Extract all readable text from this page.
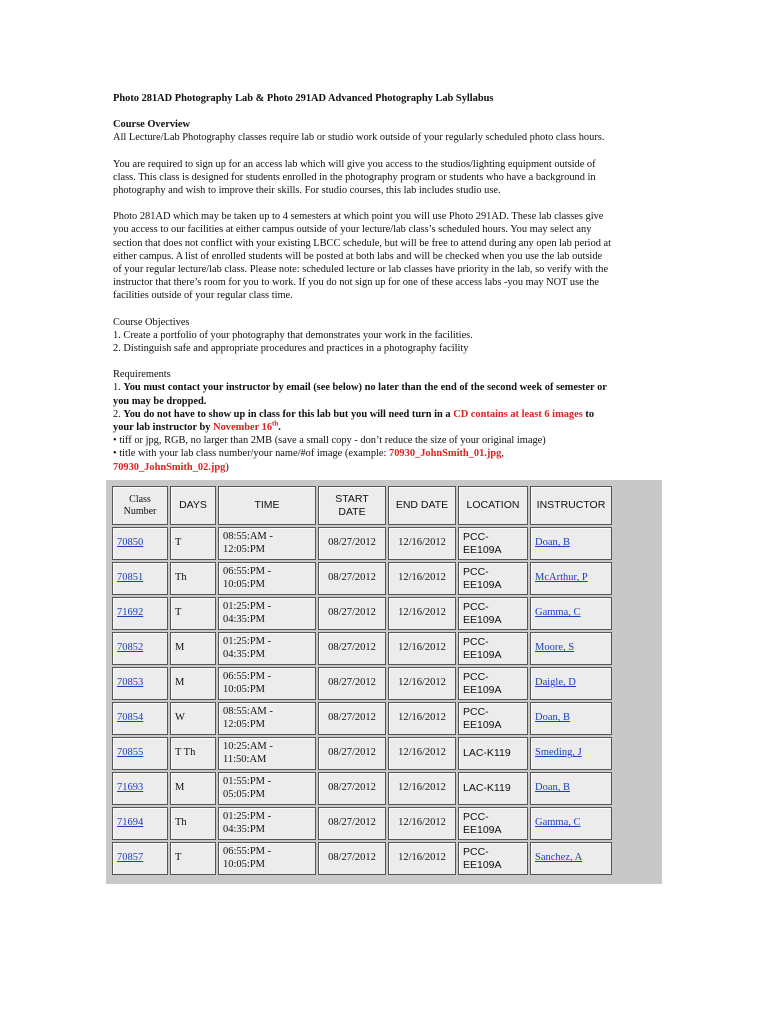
Photo 281AD Photography Lab & Photo 291AD Advanced Photography Lab Syllabus
Course Overview

All Lecture/Lab Photography classes require lab or studio work outside of your regularly scheduled photo class hours.

You are required to sign up for an access lab which will give you access to the studios/lighting equipment outside of
class. This class is designed for students enrolled in the photography program or students who have a background in
photography and wish to improve their skills. For studio courses, this lab includes studio use.

Photo 281AD which may be taken up to 4 semesters at which point you will use Photo 291AD. These lab classes give
you access to our facilities at either campus outside of your lecture/lab class’s scheduled hours. You may select any
section that does not conflict with your existing LBCC schedule, but will be free to attend during any open lab period at
either campus. A list of enrolled students will be posted at both labs and will be checked when you use the lab outside
of your regular lecture/lab class. Please note: scheduled lecture or lab classes have priority in the lab, so verify with the
instructor that there’s room for you to work. If you do not sign up for one of these access labs -you may NOT use the
facilities outside of your regular class time.

Course Objectives
1. Create a portfolio of your photography that demonstrates your work in the facilities.
2. Distinguish safe and appropriate procedures and practices in a photography facility

Requirements
1. You must contact your instructor by email (see below) no later than the end of the second week of semester or
you may be dropped.
2. You do not have to show up in class for this lab but you will need turn in a CD contains at least 6 images to
your lab instructor by November 16th.
• tiff or jpg, RGB, no larger than 2MB (save a small copy - don’t reduce the size of your original image)
• title with your lab class number/your name/#of image (example: 70930_JohnSmith_01.jpg,
70930_JohnSmith_02.jpg)
Class Number	DAYS	TIME	START DATE	END DATE	LOCATION	INSTRUCTOR
70850	T	08:55:AM - 12:05:PM	08/27/2012	12/16/2012	PCC-EE109A	Doan, B
70851	Th	06:55:PM - 10:05:PM	08/27/2012	12/16/2012	PCC-EE109A	McArthur, P
71692	T	01:25:PM - 04:35:PM	08/27/2012	12/16/2012	PCC-EE109A	Gamma, C
70852	M	01:25:PM - 04:35:PM	08/27/2012	12/16/2012	PCC-EE109A	Moore, S
70853	M	06:55:PM - 10:05:PM	08/27/2012	12/16/2012	PCC-EE109A	Daigle, D
70854	W	08:55:AM - 12:05:PM	08/27/2012	12/16/2012	PCC-EE109A	Doan, B
70855	T Th	10:25:AM - 11:50:AM	08/27/2012	12/16/2012	LAC-K119	Smeding, J
71693	M	01:55:PM - 05:05:PM	08/27/2012	12/16/2012	LAC-K119	Doan, B
71694	Th	01:25:PM - 04:35:PM	08/27/2012	12/16/2012	PCC-EE109A	Gamma, C
70857	T	06:55:PM - 10:05:PM	08/27/2012	12/16/2012	PCC-EE109A	Sanchez, A
